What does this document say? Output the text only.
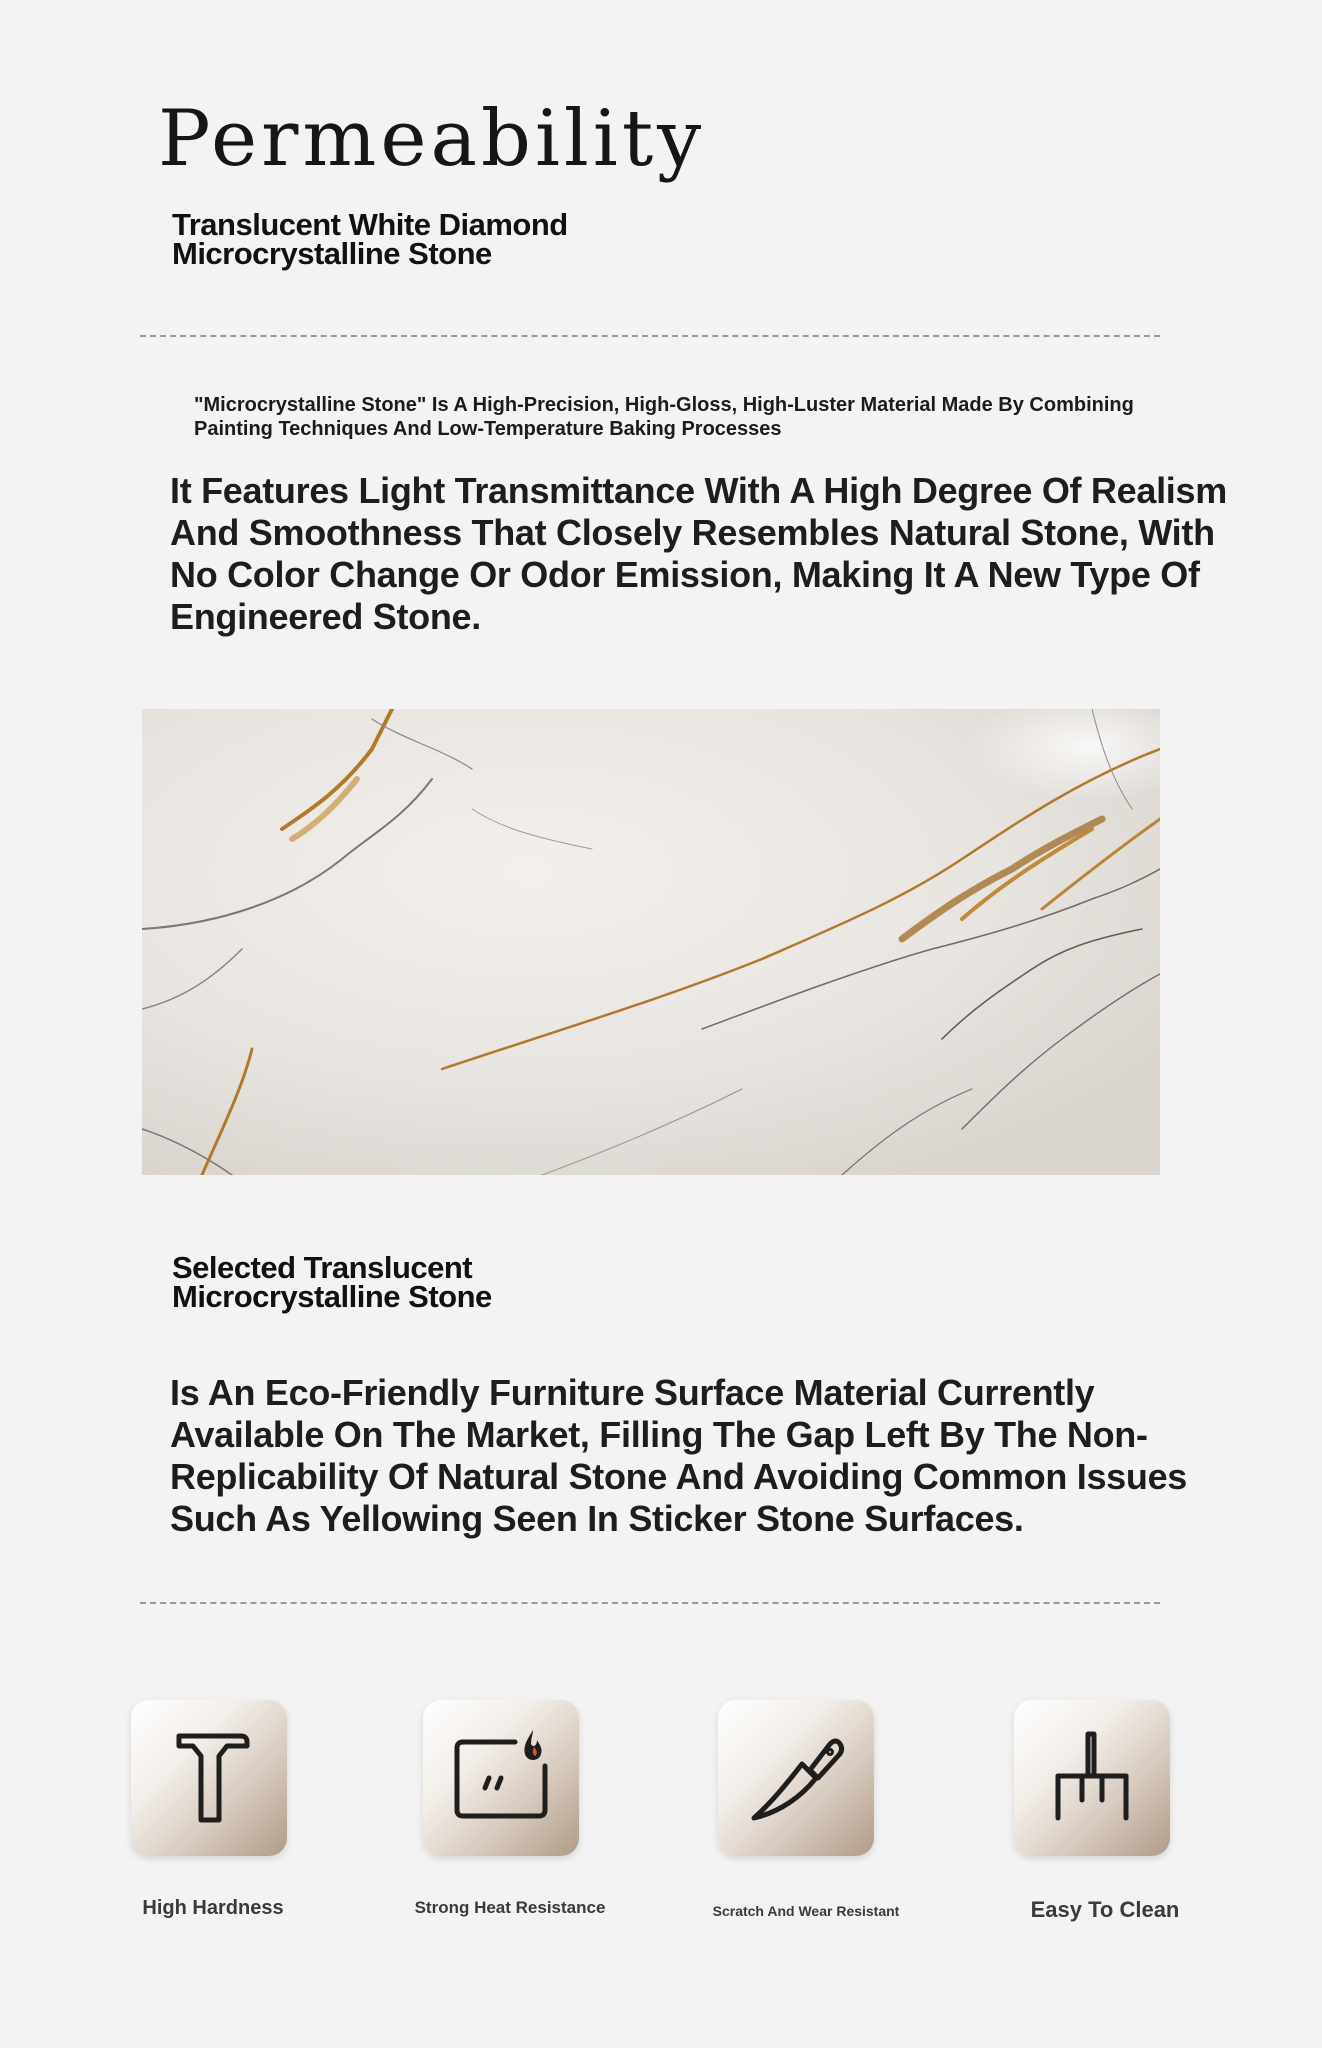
Permeability
Translucent White Diamond
Microcrystalline Stone

"Microcrystalline Stone" Is A High-Precision, High-Gloss, High-Luster Material Made By Combining Painting Techniques And Low-Temperature Baking Processes

It Features Light Transmittance With A High Degree Of Realism And Smoothness That Closely Resembles Natural Stone, With No Color Change Or Odor Emission, Making It A New Type Of Engineered Stone.

Selected Translucent
Microcrystalline Stone

Is An Eco-Friendly Furniture Surface Material Currently Available On The Market, Filling The Gap Left By The Non-Replicability Of Natural Stone And Avoiding Common Issues Such As Yellowing Seen In Sticker Stone Surfaces.

High Hardness	Strong Heat Resistance	Scratch And Wear Resistant	Easy To Clean
